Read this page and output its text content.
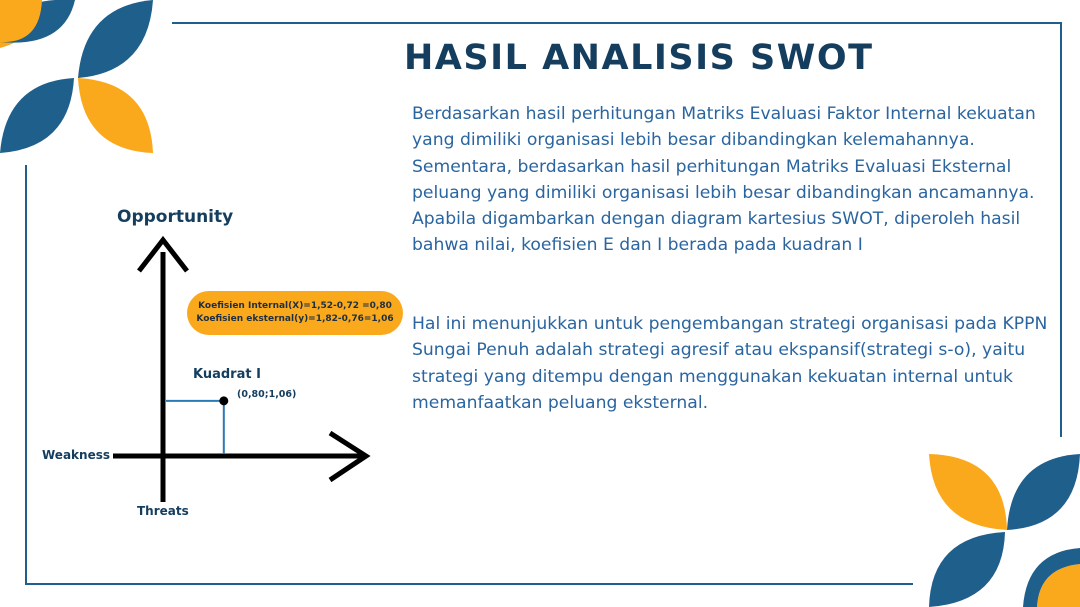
HASIL ANALISIS SWOT

Berdasarkan hasil perhitungan Matriks Evaluasi Faktor Internal kekuatan yang dimiliki organisasi lebih besar dibandingkan kelemahannya. Sementara, berdasarkan hasil perhitungan Matriks Evaluasi Eksternal peluang yang dimiliki organisasi lebih besar dibandingkan ancamannya. Apabila digambarkan dengan diagram kartesius SWOT, diperoleh hasil bahwa nilai, koefisien E dan I berada pada kuadran I

Hal ini menunjukkan untuk pengembangan strategi organisasi pada KPPN Sungai Penuh adalah strategi agresif atau ekspansif(strategi s-o), yaitu strategi yang ditempu dengan menggunakan kekuatan internal untuk memanfaatkan peluang eksternal.

Opportunity
Weakness
Threats
Kuadrat I
(0,80;1,06)
Koefisien Internal(X)=1,52-0,72 =0,80
Koefisien eksternal(y)=1,82-0,76=1,06
